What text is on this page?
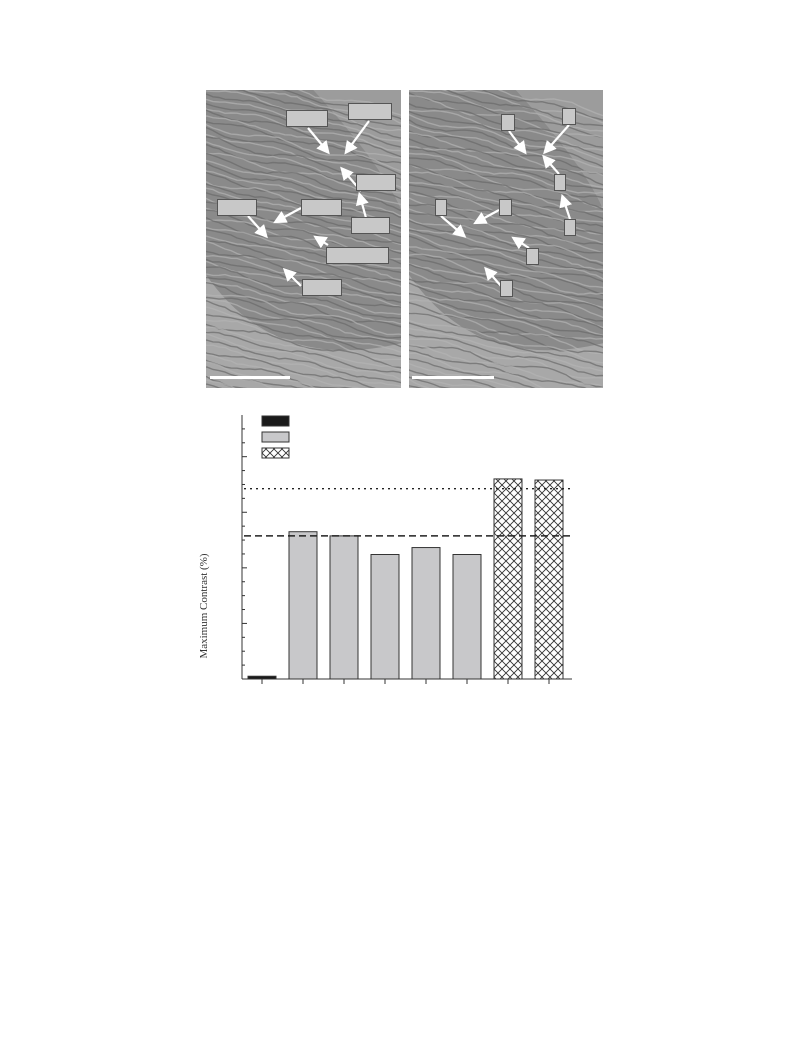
Maximum Contrast (%)
